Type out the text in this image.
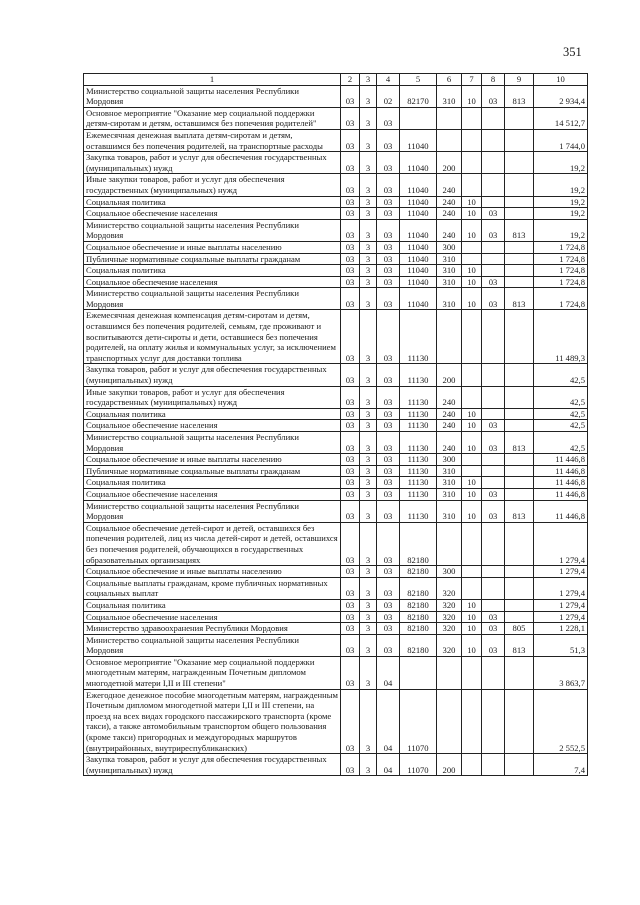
351
1	2	3	4	5	6	7	8	9	10
Министерство социальной защиты населения Республики Мордовия	03	3	02	82170	310	10	03	813	2 934,4
Основное мероприятие "Оказание мер социальной поддержки детям-сиротам и детям, оставшимся без попечения родителей"	03	3	03						14 512,7
Ежемесячная денежная выплата детям-сиротам и детям, оставшимся без попечения родителей, на транспортные расходы	03	3	03	11040					1 744,0
Закупка товаров, работ и услуг для обеспечения государственных (муниципальных) нужд	03	3	03	11040	200				19,2
Иные закупки товаров, работ и услуг для обеспечения государственных (муниципальных) нужд	03	3	03	11040	240				19,2
Социальная политика	03	3	03	11040	240	10			19,2
Социальное обеспечение населения	03	3	03	11040	240	10	03		19,2
Министерство социальной защиты населения Республики Мордовия	03	3	03	11040	240	10	03	813	19,2
Социальное обеспечение и иные выплаты населению	03	3	03	11040	300				1 724,8
Публичные нормативные социальные выплаты гражданам	03	3	03	11040	310				1 724,8
Социальная политика	03	3	03	11040	310	10			1 724,8
Социальное обеспечение населения	03	3	03	11040	310	10	03		1 724,8
Министерство социальной защиты населения Республики Мордовия	03	3	03	11040	310	10	03	813	1 724,8
Ежемесячная денежная компенсация детям-сиротам и детям, оставшимся без попечения родителей, семьям, где проживают и воспитываются дети-сироты и дети, оставшиеся без попечения родителей, на оплату жилья и коммунальных услуг, за исключением транспортных услуг для доставки топлива	03	3	03	11130					11 489,3
Закупка товаров, работ и услуг для обеспечения государственных (муниципальных) нужд	03	3	03	11130	200				42,5
Иные закупки товаров, работ и услуг для обеспечения государственных (муниципальных) нужд	03	3	03	11130	240				42,5
Социальная политика	03	3	03	11130	240	10			42,5
Социальное обеспечение населения	03	3	03	11130	240	10	03		42,5
Министерство социальной защиты населения Республики Мордовия	03	3	03	11130	240	10	03	813	42,5
Социальное обеспечение и иные выплаты населению	03	3	03	11130	300				11 446,8
Публичные нормативные социальные выплаты гражданам	03	3	03	11130	310				11 446,8
Социальная политика	03	3	03	11130	310	10			11 446,8
Социальное обеспечение населения	03	3	03	11130	310	10	03		11 446,8
Министерство социальной защиты населения Республики Мордовия	03	3	03	11130	310	10	03	813	11 446,8
Социальное обеспечение детей-сирот и детей, оставшихся без попечения родителей, лиц из числа детей-сирот и детей, оставшихся без попечения родителей, обучающихся в государственных образовательных организациях	03	3	03	82180					1 279,4
Социальное обеспечение и иные выплаты населению	03	3	03	82180	300				1 279,4
Социальные выплаты гражданам, кроме публичных нормативных социальных выплат	03	3	03	82180	320				1 279,4
Социальная политика	03	3	03	82180	320	10			1 279,4
Социальное обеспечение населения	03	3	03	82180	320	10	03		1 279,4
Министерство здравоохранения Республики Мордовия	03	3	03	82180	320	10	03	805	1 228,1
Министерство социальной защиты населения Республики Мордовия	03	3	03	82180	320	10	03	813	51,3
Основное мероприятие "Оказание мер социальной поддержки многодетным матерям, награжденным Почетным дипломом многодетной матери I,II и III степени"	03	3	04						3 863,7
Ежегодное денежное пособие многодетным матерям, награжденным Почетным дипломом многодетной матери I,II и III степени, на проезд на всех видах городского пассажирского транспорта (кроме такси), а также автомобильным транспортом общего пользования (кроме такси) пригородных и междугородных маршрутов (внутрирайонных, внутриреспубликанских)	03	3	04	11070					2 552,5
Закупка товаров, работ и услуг для обеспечения государственных (муниципальных) нужд	03	3	04	11070	200				7,4
